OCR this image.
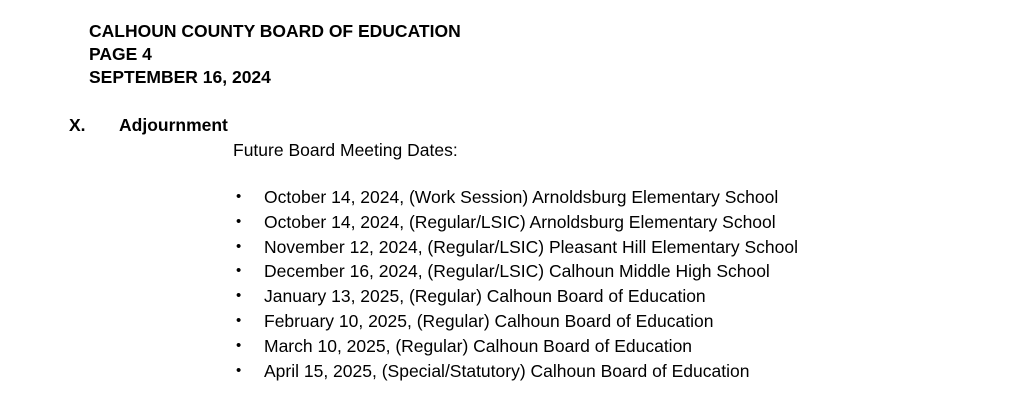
CALHOUN COUNTY BOARD OF EDUCATION
PAGE 4
SEPTEMBER 16, 2024
X. Adjournment
Future Board Meeting Dates:
• October 14, 2024, (Work Session) Arnoldsburg Elementary School
• October 14, 2024, (Regular/LSIC) Arnoldsburg Elementary School
• November 12, 2024, (Regular/LSIC) Pleasant Hill Elementary School
• December 16, 2024, (Regular/LSIC) Calhoun Middle High School
• January 13, 2025, (Regular) Calhoun Board of Education
• February 10, 2025, (Regular) Calhoun Board of Education
• March 10, 2025, (Regular) Calhoun Board of Education
• April 15, 2025, (Special/Statutory) Calhoun Board of Education
